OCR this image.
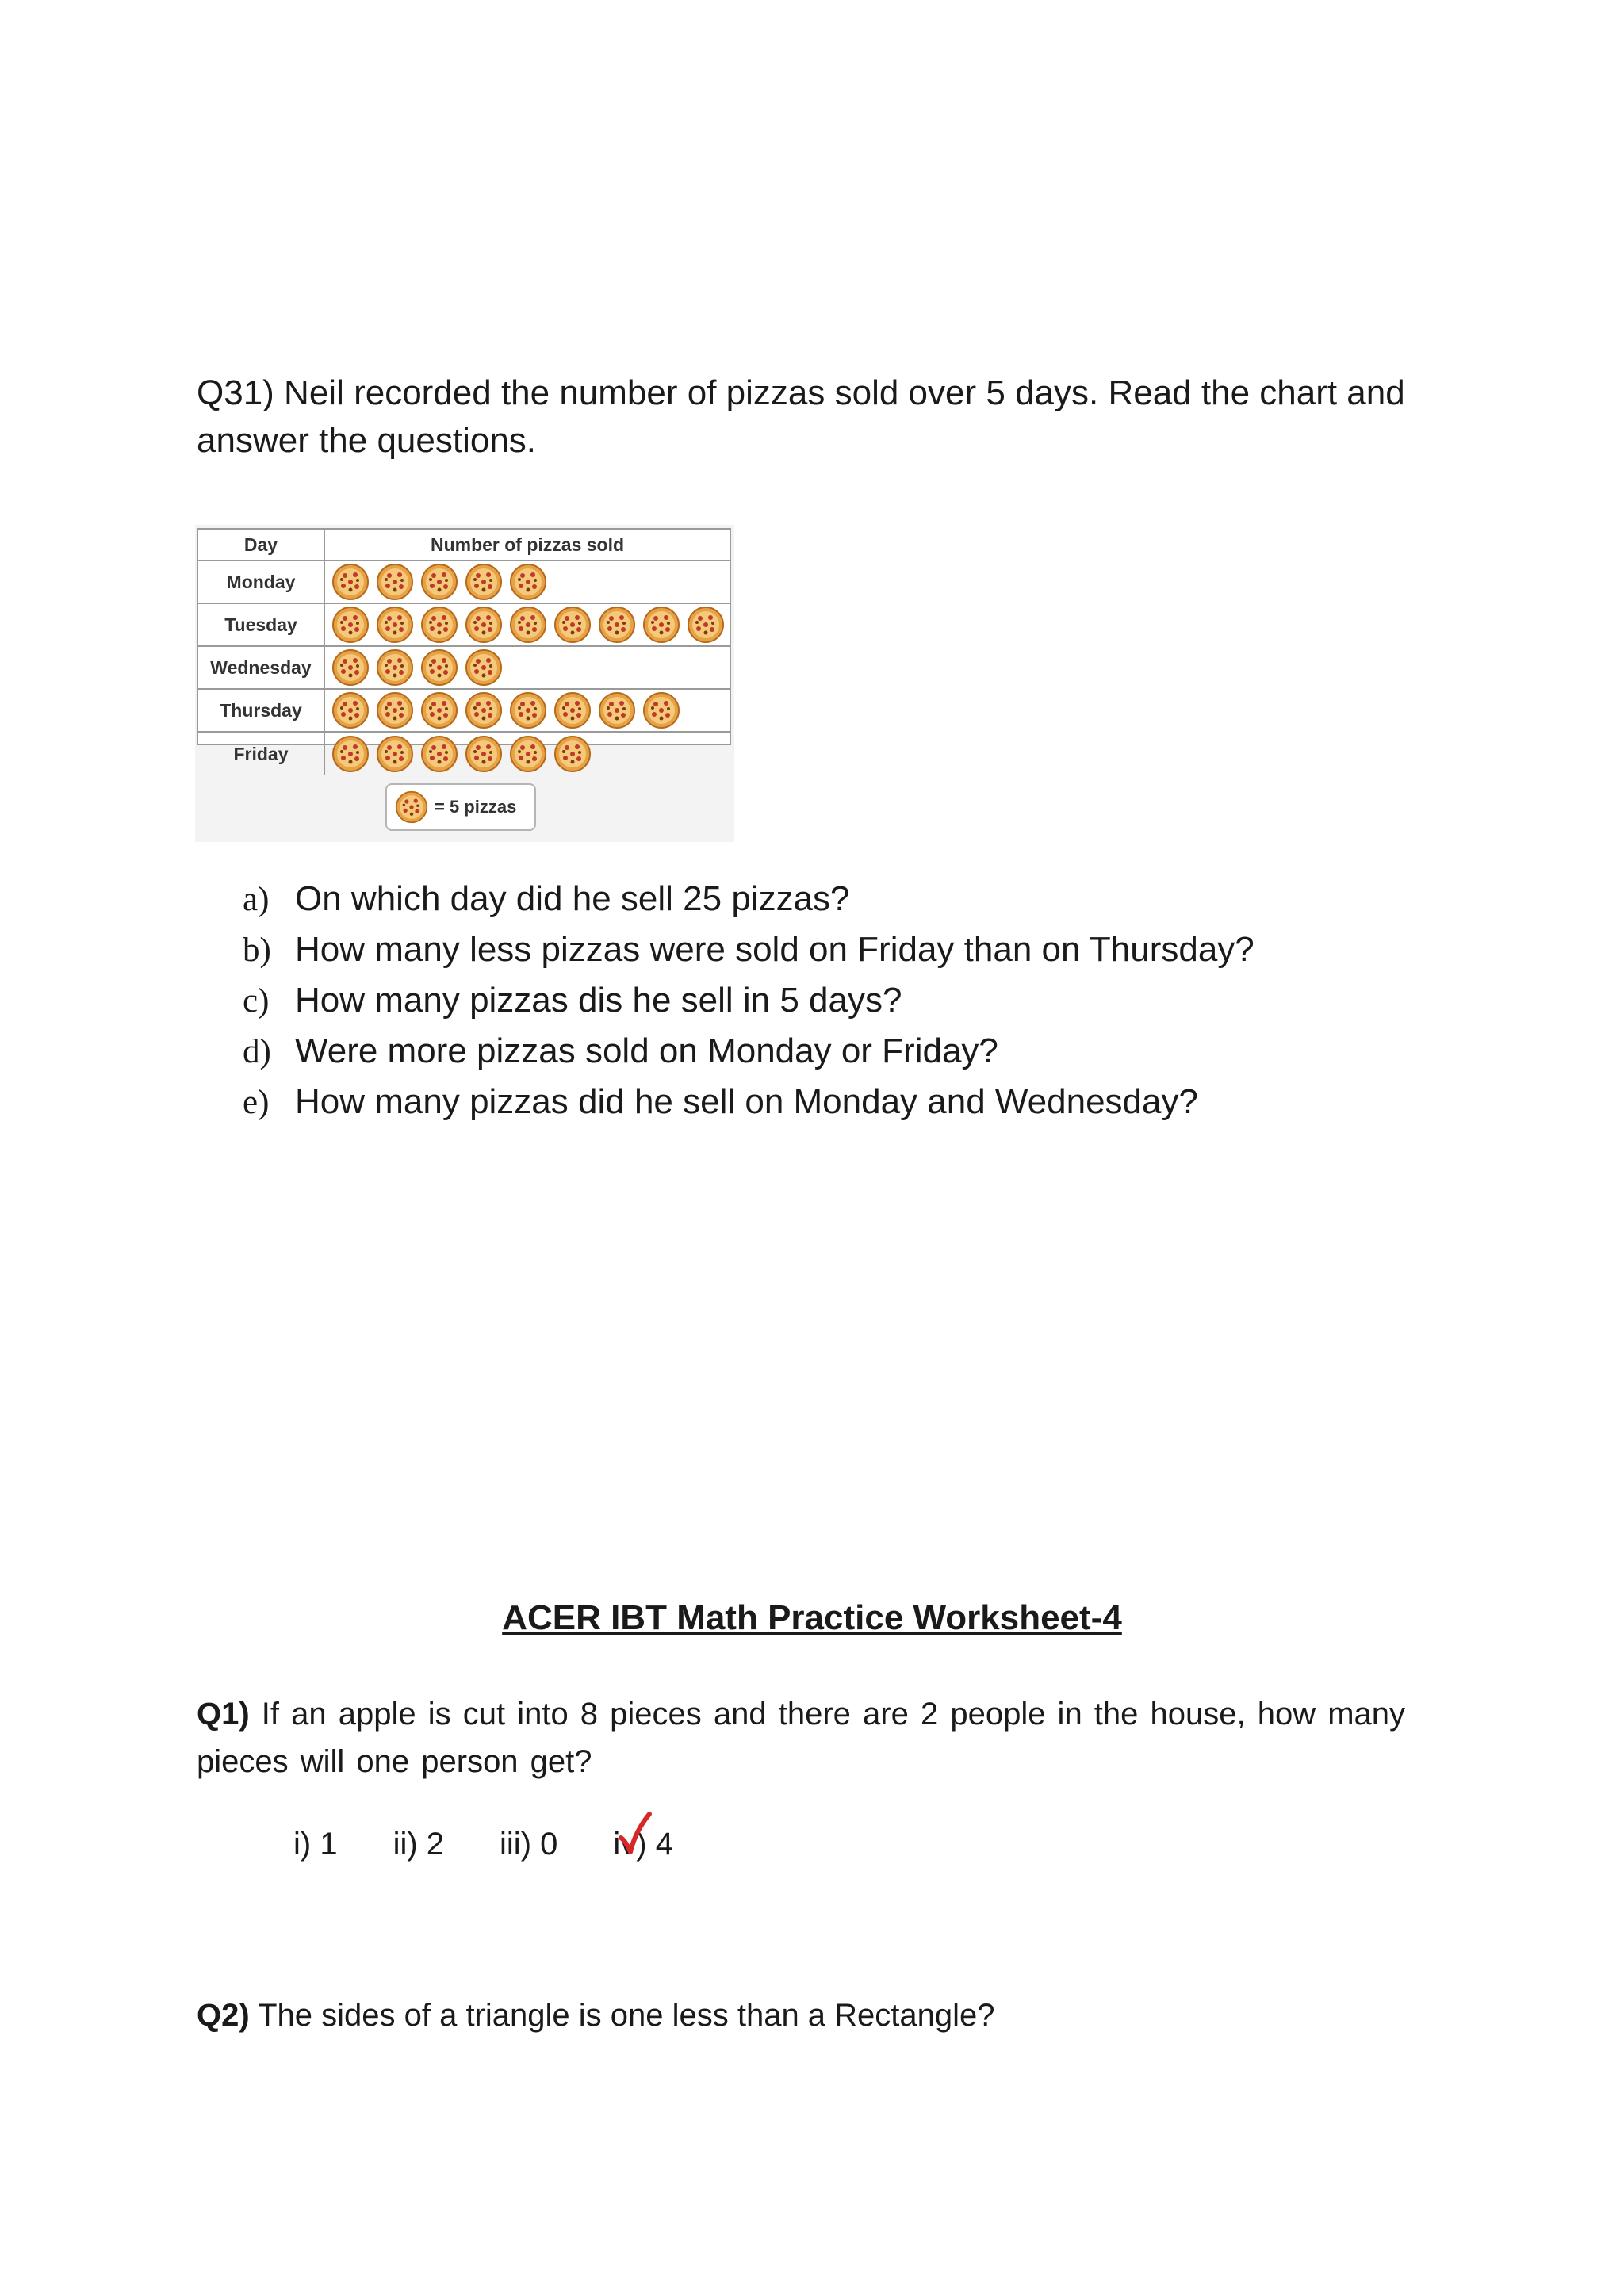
Q31) Neil recorded the number of pizzas sold over 5 days. Read the chart and answer the questions.

Day	Number of pizzas sold
Monday
Tuesday
Wednesday
Thursday
Friday
= 5 pizzas
a) On which day did he sell 25 pizzas?
b) How many less pizzas were sold on Friday than on Thursday?
c) How many pizzas dis he sell in 5 days?
d) Were more pizzas sold on Monday or Friday?
e) How many pizzas did he sell on Monday and Wednesday?
ACER IBT Math Practice Worksheet-4

Q1) If an apple is cut into 8 pieces and there are 2 people in the house, how many pieces will one person get?

i) 1 ii) 2 iii) 0 iv) 4

Q2) The sides of a triangle is one less than a Rectangle?
